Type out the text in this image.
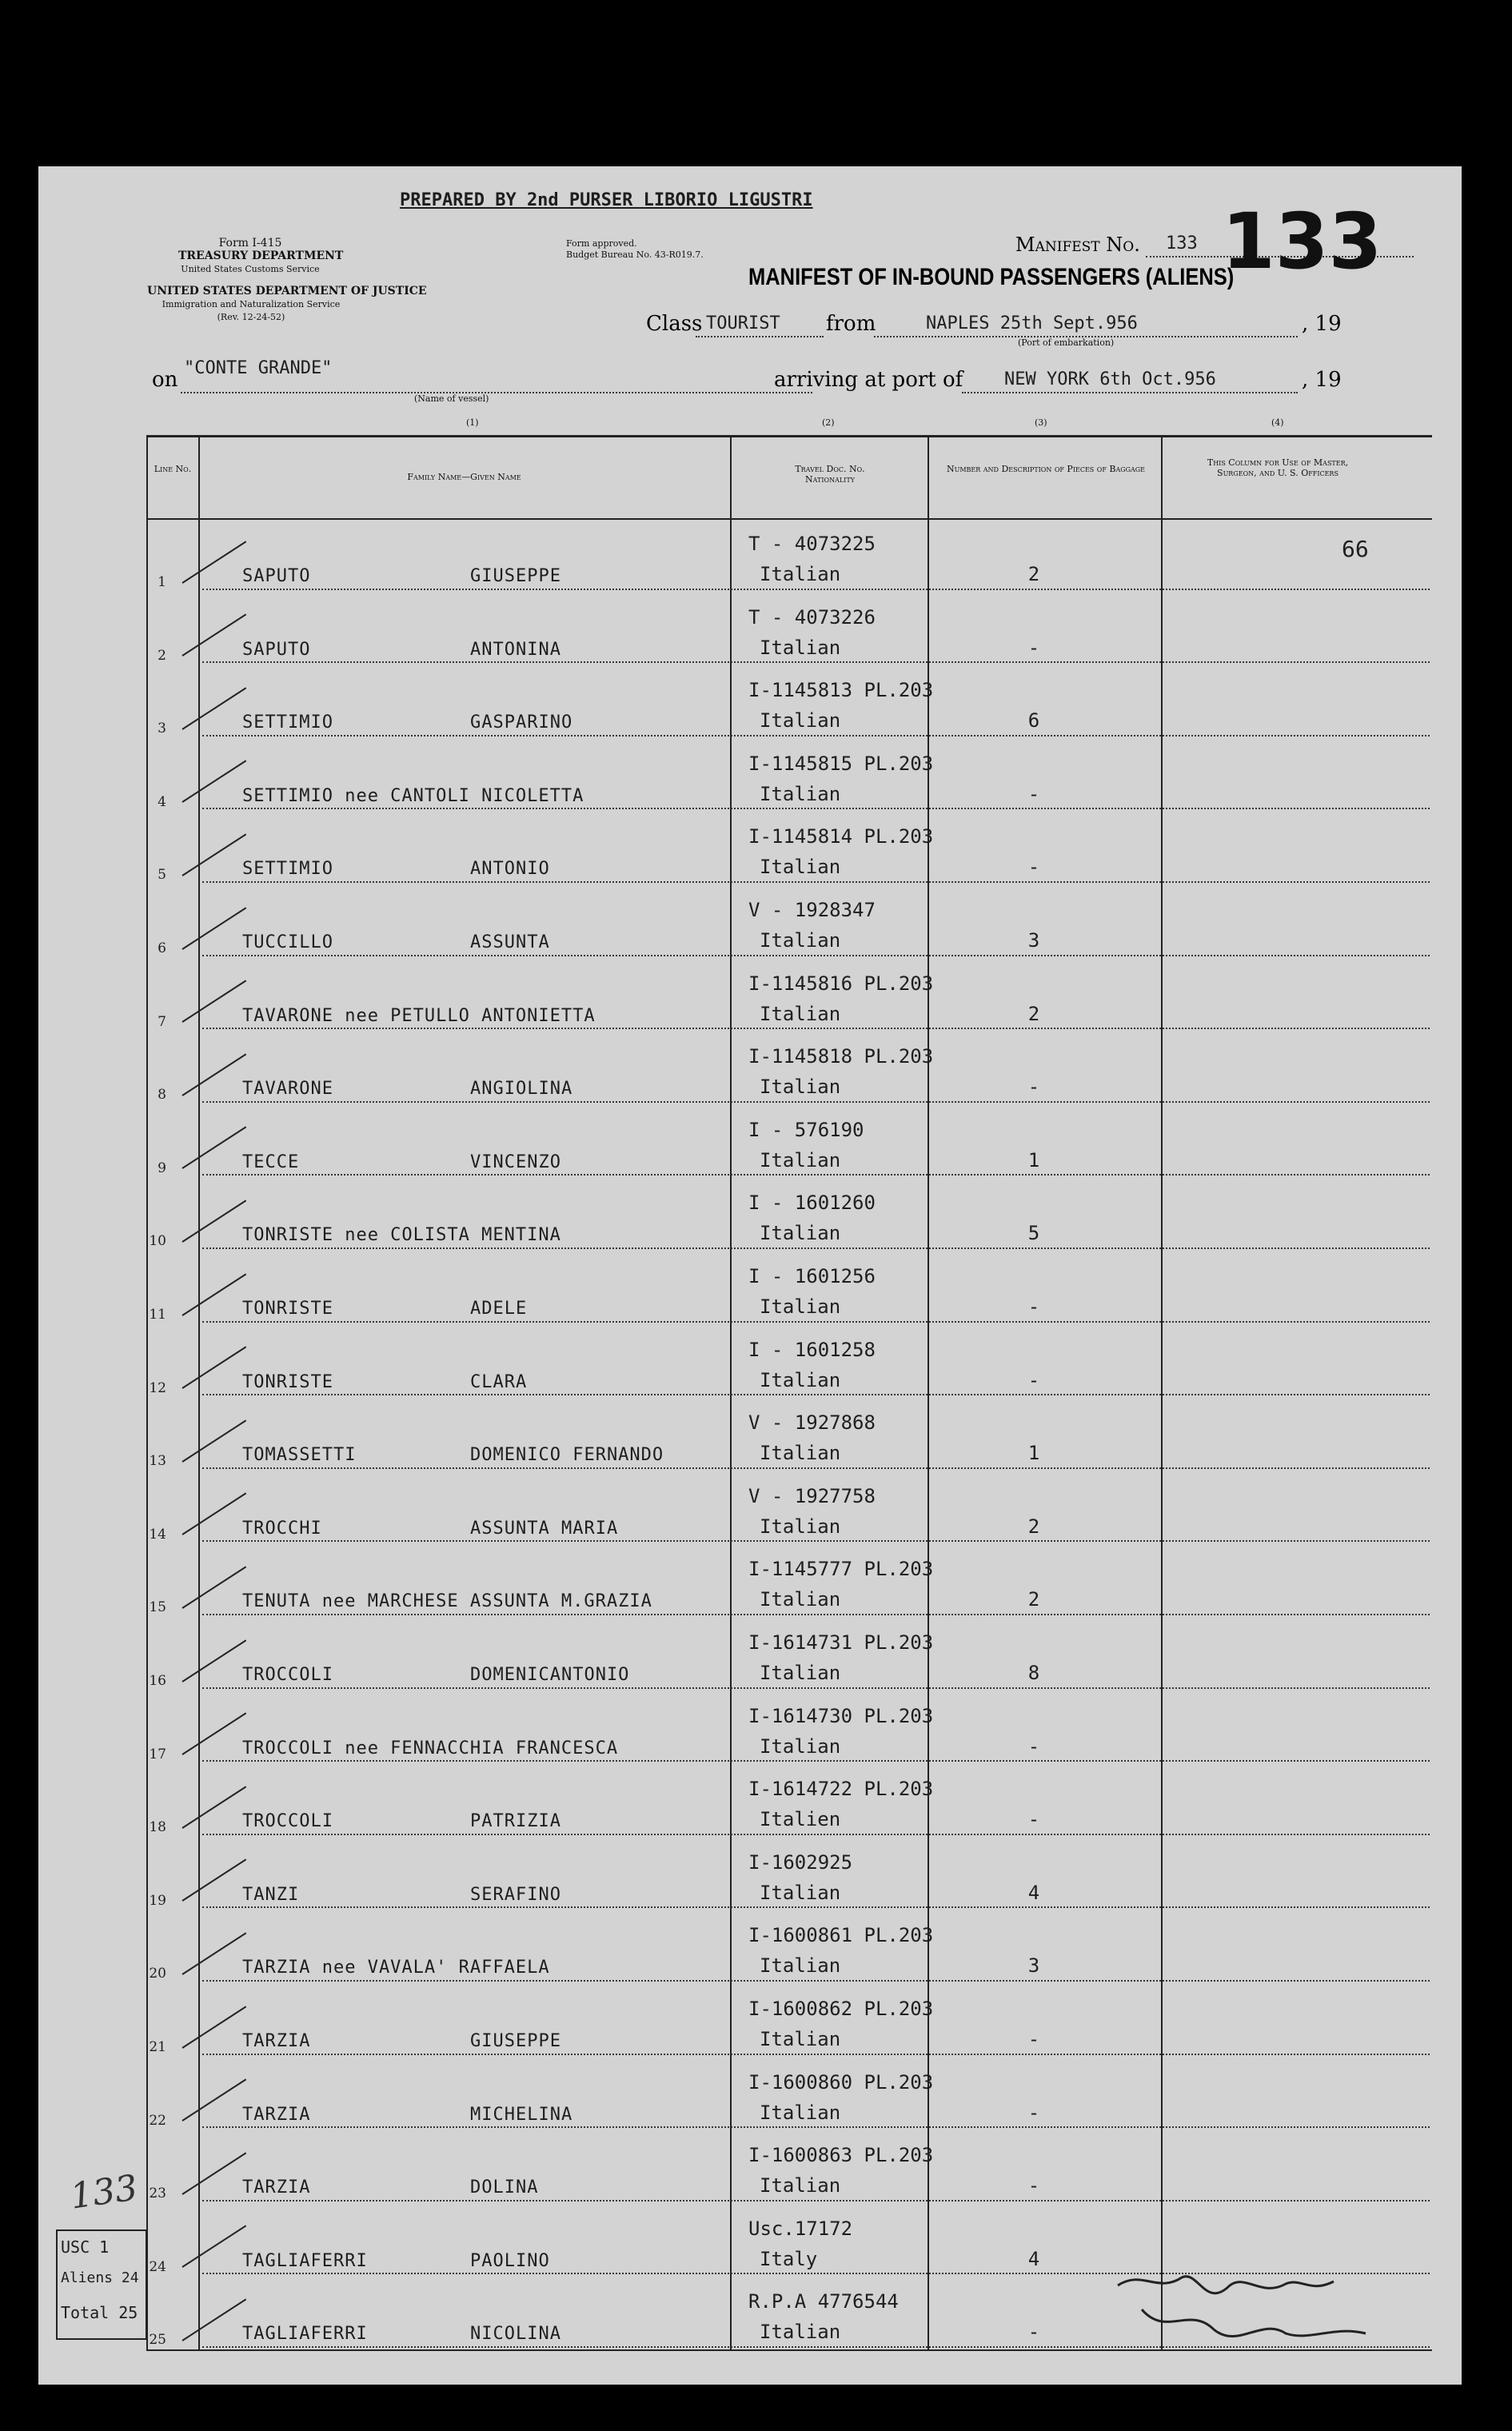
PREPARED BY 2nd PURSER LIBORIO LIGUSTRI
Form I-415
TREASURY DEPARTMENT
United States Customs Service
UNITED STATES DEPARTMENT OF JUSTICE
Immigration and Naturalization Service
(Rev. 12-24-52)
Form approved.
Budget Bureau No. 43-R019.7.	Manifest No. 133 133
MANIFEST OF IN-BOUND PASSENGERS (ALIENS)
Class TOURIST from	NAPLES 25th Sept.956	, 19
(Port of embarkation)
on "CONTE GRANDE"
(Name of vessel)
arriving at port of NEW YORK 6th Oct.956	, 19
(1)	(2)	(3)	(4)
Line No.
Family Name—Given Name
Travel Doc. No. Nationality
Number and Description of Pieces of Baggage
This Column for Use of Master, Surgeon, and U. S. Officers
1	SAPUTO	GIUSEPPE
T - 4073225
Italian	2
66
2	SAPUTO	ANTONINA
T - 4073226
Italian	-
3	SETTIMIO	GASPARINO
I-1145813 PL.203
Italian	6
4	SETTIMIO nee CANTOLI NICOLETTA
I-1145815 PL.203
Italian	-
5	SETTIMIO	ANTONIO
I-1145814 PL.203
Italian	-
6	TUCCILLO	ASSUNTA
V - 1928347
Italian	3
7	TAVARONE nee PETULLO ANTONIETTA
I-1145816 PL.203
Italian	2
8	TAVARONE	ANGIOLINA
I-1145818 PL.203
Italian	-
9	TECCE	VINCENZO
I - 576190
Italian	1
10	TONRISTE nee COLISTA MENTINA
I - 1601260
Italian	5
11	TONRISTE	ADELE
I - 1601256
Italian	-
12	TONRISTE	CLARA
I - 1601258
Italian	-
13	TOMASSETTI	DOMENICO FERNANDO
V - 1927868
Italian	1
14	TROCCHI	ASSUNTA MARIA
V - 1927758
Italian	2
15	TENUTA nee MARCHESE ASSUNTA M.GRAZIA
I-1145777 PL.203
Italian	2
16	TROCCOLI	DOMENICANTONIO
I-1614731 PL.203
Italian	8
17	TROCCOLI nee FENNACCHIA FRANCESCA
I-1614730 PL.203
Italian	-
18	TROCCOLI	PATRIZIA
I-1614722 PL.203
Italien	-
19	TANZI	SERAFINO
I-1602925
Italian	4
20	TARZIA nee VAVALA' RAFFAELA
I-1600861 PL.203
Italian	3
21	TARZIA	GIUSEPPE
I-1600862 PL.203
Italian	-
22	TARZIA	MICHELINA
I-1600860 PL.203
Italian	-
23	TARZIA	DOLINA
I-1600863 PL.203
Italian	-
24	TAGLIAFERRI	PAOLINO
Usc.17172
Italy	4
25	TAGLIAFERRI	NICOLINA
R.P.A 4776544
Italian	-
133
USC 1
Aliens 24
Total 25
